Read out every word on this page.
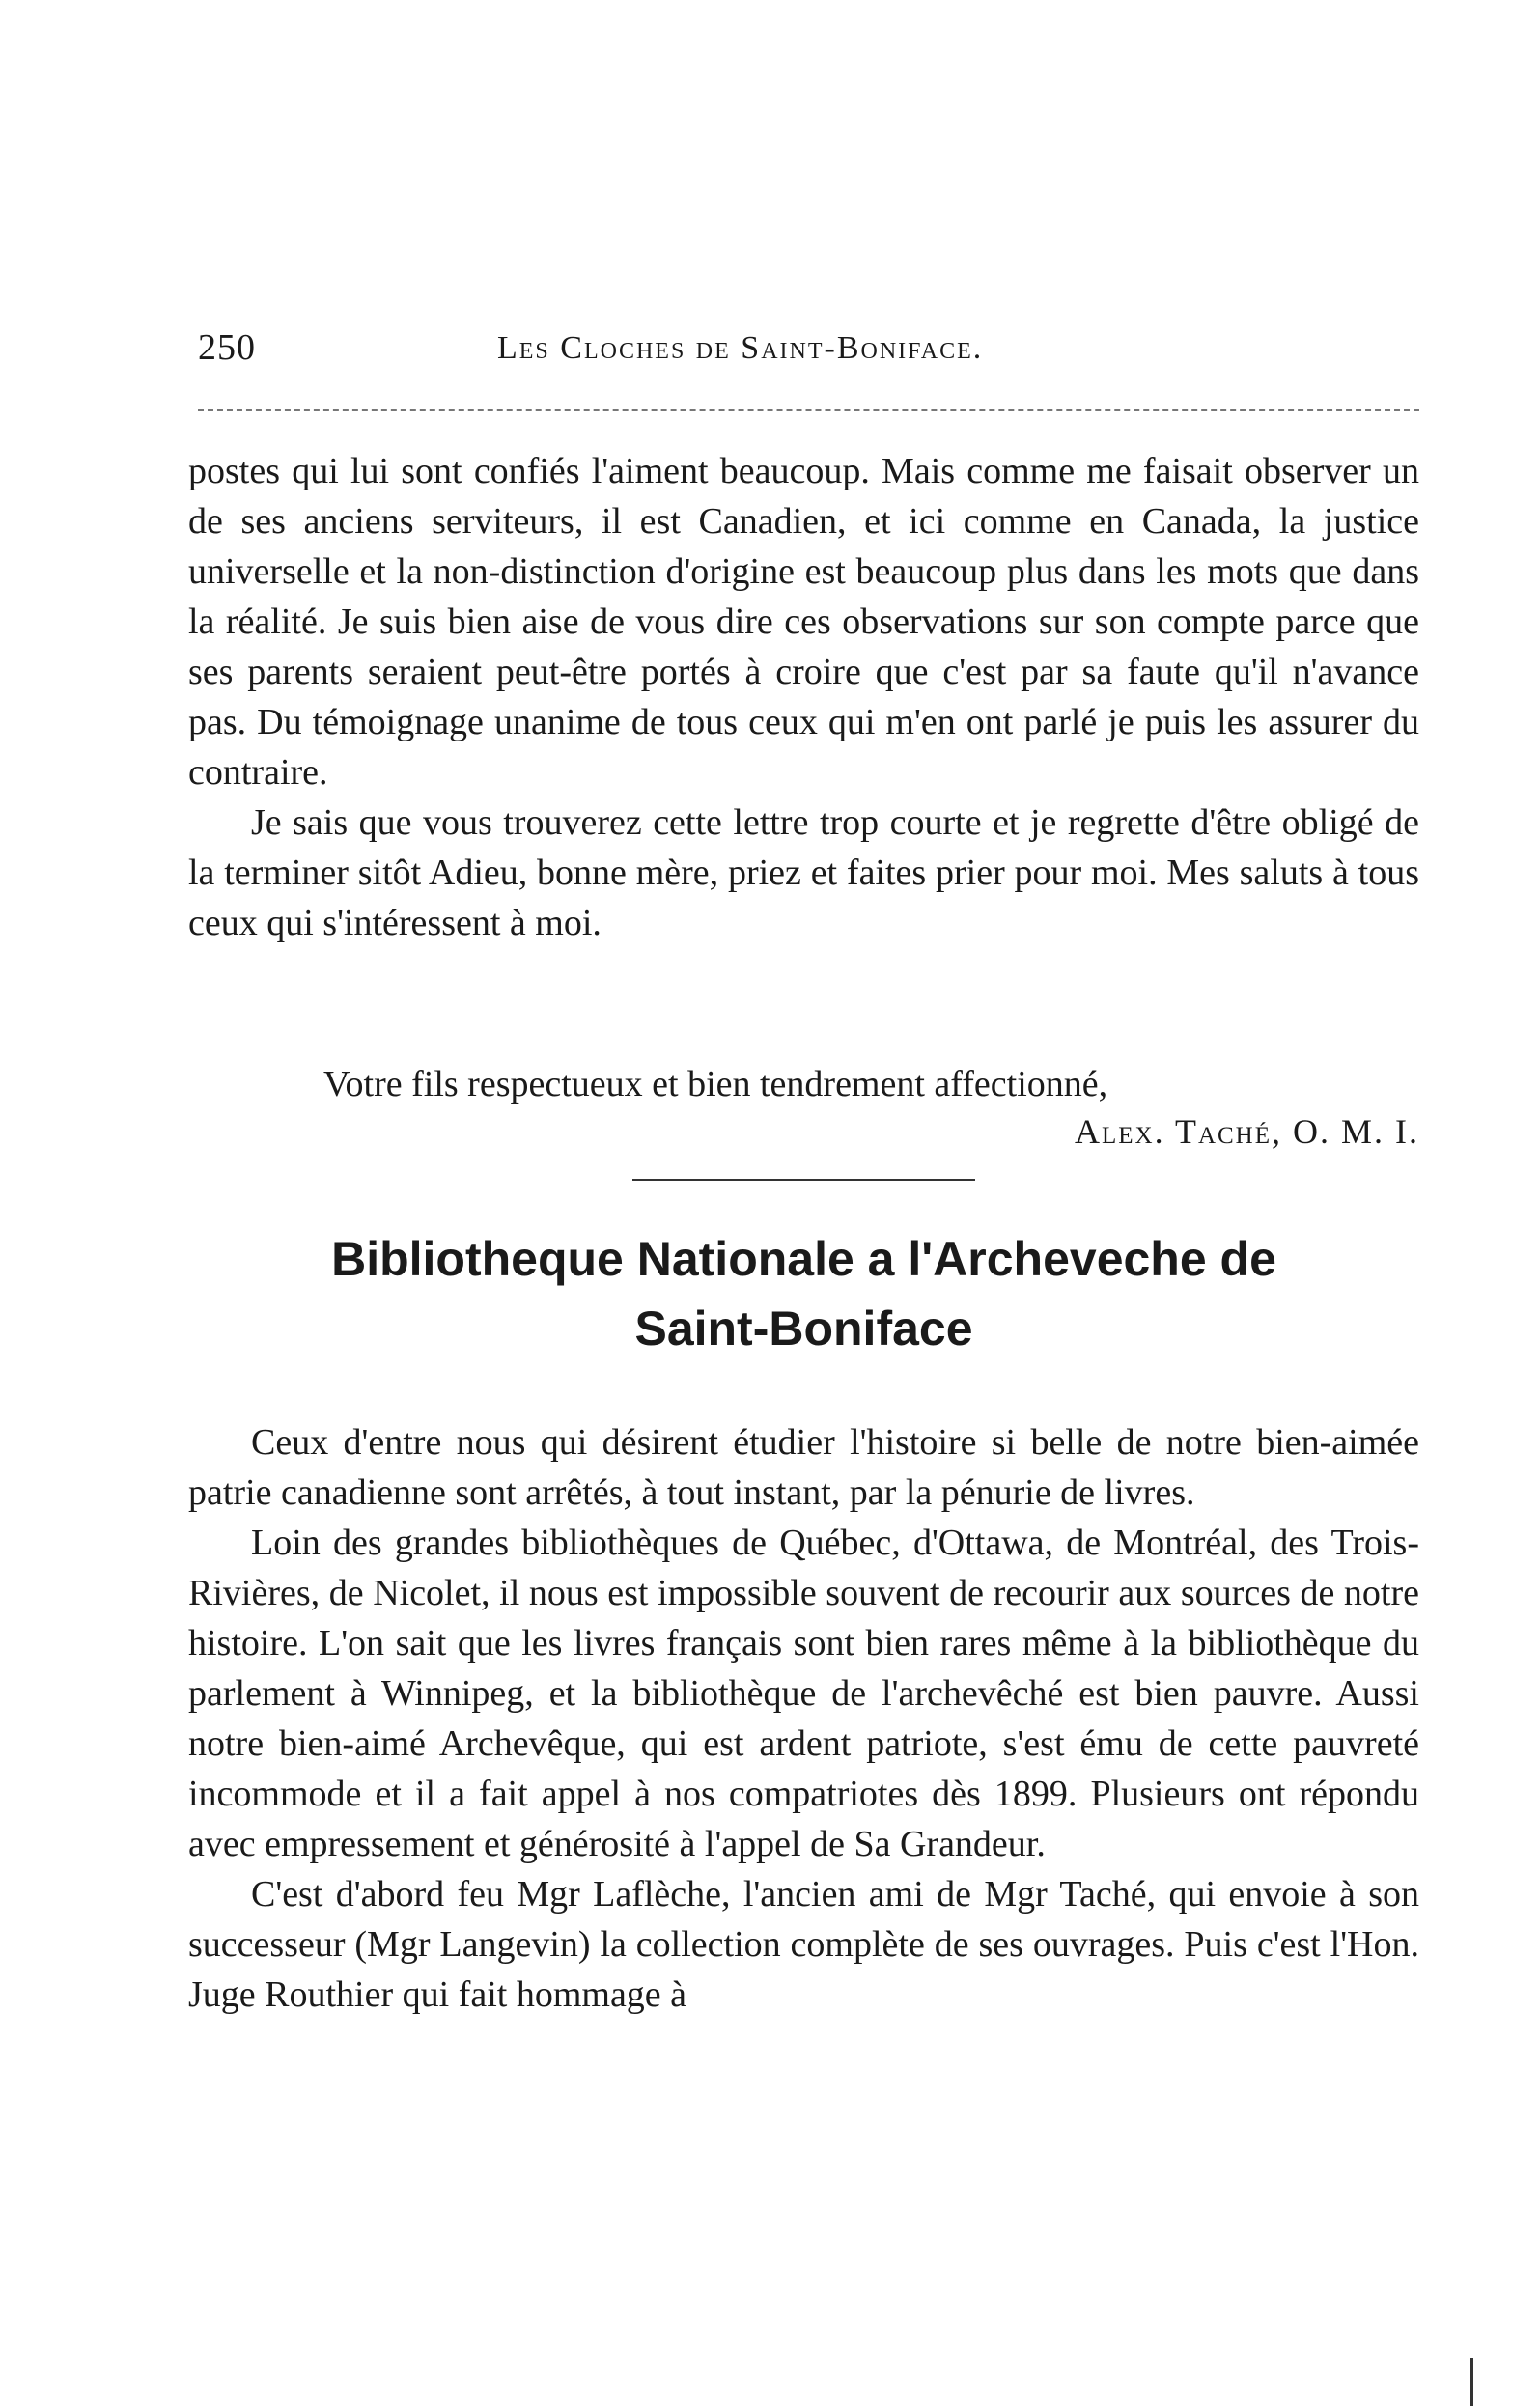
250	Les Cloches de Saint-Boniface.

postes qui lui sont confiés l'aiment beaucoup. Mais comme me faisait observer un de ses anciens serviteurs, il est Canadien, et ici comme en Canada, la justice universelle et la non-distinction d'origine est beaucoup plus dans les mots que dans la réalité. Je suis bien aise de vous dire ces observations sur son compte parce que ses parents seraient peut-être portés à croire que c'est par sa faute qu'il n'avance pas. Du témoignage unanime de tous ceux qui m'en ont parlé je puis les assurer du contraire.

Je sais que vous trouverez cette lettre trop courte et je regrette d'être obligé de la terminer sitôt Adieu, bonne mère, priez et faites prier pour moi. Mes saluts à tous ceux qui s'intéressent à moi.

Votre fils respectueux et bien tendrement affectionné,
Alex. Taché, O. M. I.
Bibliotheque Nationale a l'Archeveche de
Saint-Boniface

Ceux d'entre nous qui désirent étudier l'histoire si belle de notre bien-aimée patrie canadienne sont arrêtés, à tout instant, par la pénurie de livres.

Loin des grandes bibliothèques de Québec, d'Ottawa, de Montréal, des Trois-Rivières, de Nicolet, il nous est impossible souvent de recourir aux sources de notre histoire. L'on sait que les livres français sont bien rares même à la bibliothèque du parlement à Winnipeg, et la bibliothèque de l'archevêché est bien pauvre. Aussi notre bien-aimé Archevêque, qui est ardent patriote, s'est ému de cette pauvreté incommode et il a fait appel à nos compatriotes dès 1899. Plusieurs ont répondu avec empressement et générosité à l'appel de Sa Grandeur.

C'est d'abord feu Mgr Laflèche, l'ancien ami de Mgr Taché, qui envoie à son successeur (Mgr Langevin) la collection complète de ses ouvrages. Puis c'est l'Hon. Juge Routhier qui fait hommage à
